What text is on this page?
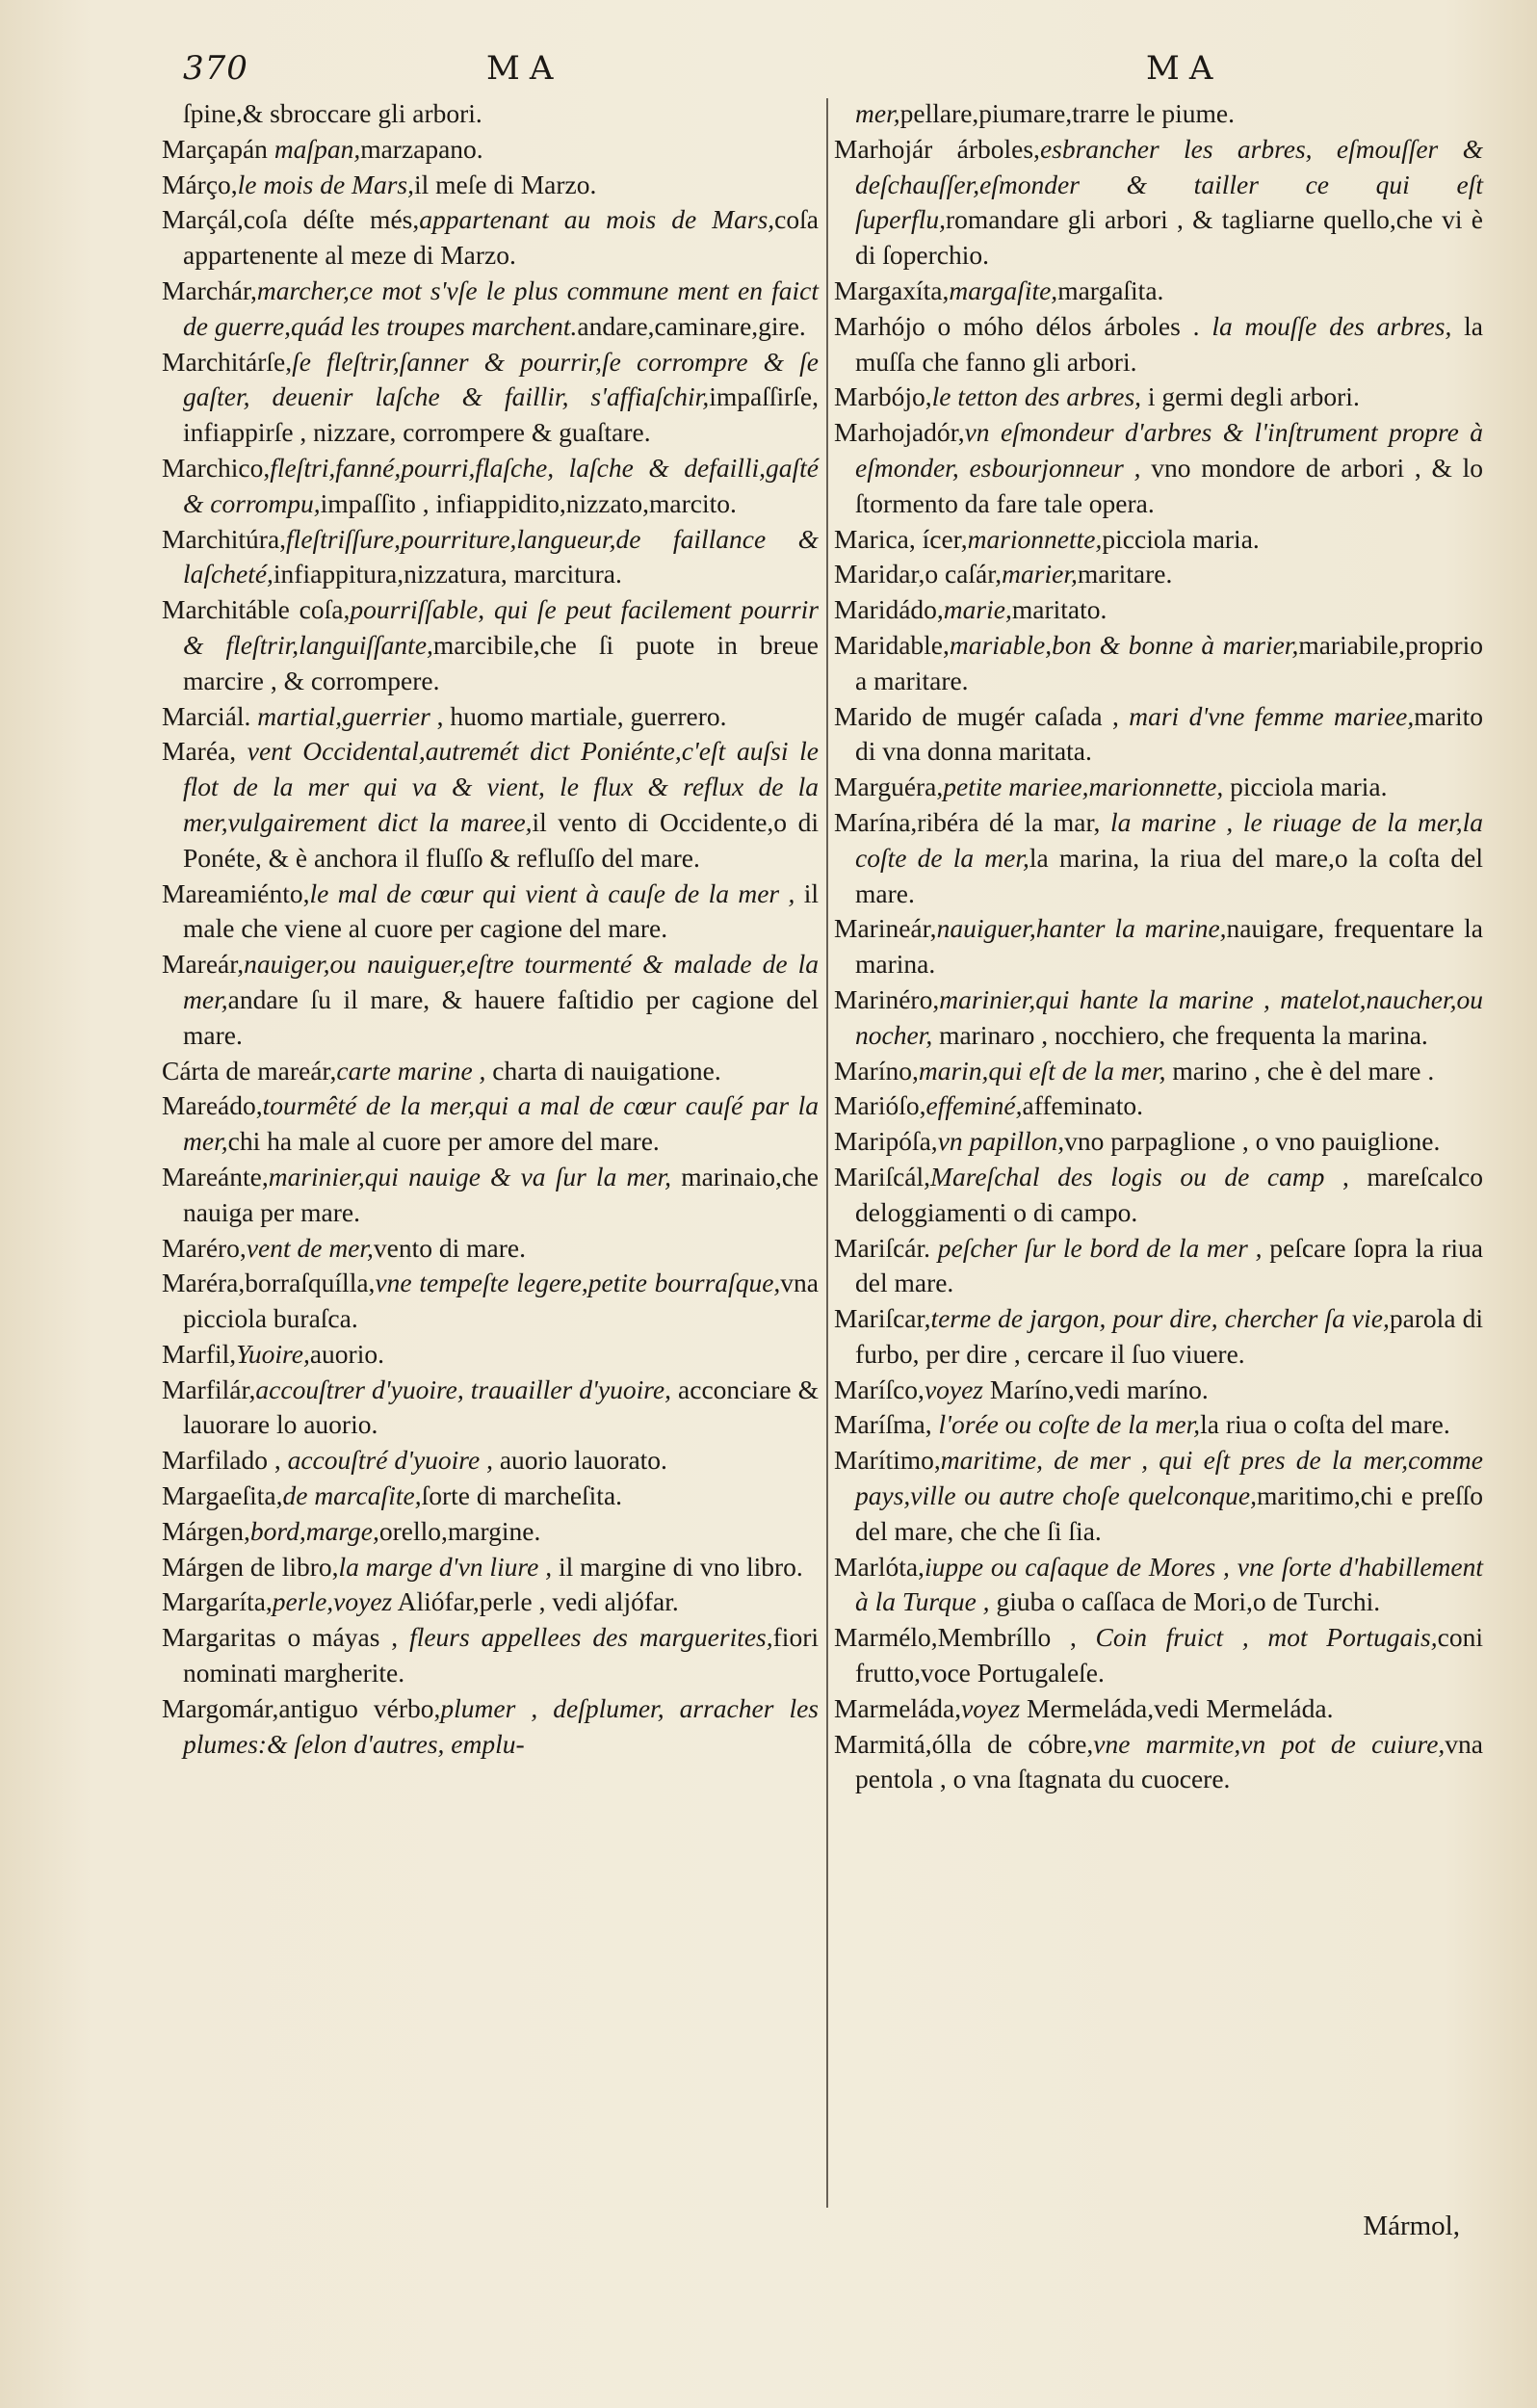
370	MA	MA

ſpine,& sbroccare gli arbori.

Marçapán maſpan,marzapano.

Márço,le mois de Mars,il meſe di Marzo.

Marçál,coſa déſte més,appartenant au mois de Mars,coſa appartenente al meze di Marzo.

Marchár,marcher,ce mot s'vſe le plus commune ment en faict de guerre,quád les troupes marchent.andare,caminare,gire.

Marchitárſe,ſe fleſtrir,ſanner & pourrir,ſe corrompre & ſe gaſter, deuenir laſche & faillir, s'affiaſchir,impaſſirſe, infiappirſe , nizzare, corrompere & guaſtare.

Marchico,fleſtri,fanné,pourri,flaſche, laſche & defailli,gaſté & corrompu,impaſſito , infiappidito,nizzato,marcito.

Marchitúra,fleſtriſſure,pourriture,langueur,de faillance & laſcheté,infiappitura,nizzatura, marcitura.

Marchitáble coſa,pourriſſable, qui ſe peut facilement pourrir & fleſtrir,languiſſante,marcibile,che ſi puote in breue marcire , & corrompere.

Marciál. martial,guerrier , huomo martiale, guerrero.

Maréa, vent Occidental,autremét dict Poniénte,c'eſt auſsi le flot de la mer qui va & vient, le flux & reflux de la mer,vulgairement dict la maree,il vento di Occidente,o di Ponéte, & è anchora il fluſſo & refluſſo del mare.

Mareamiénto,le mal de cœur qui vient à cauſe de la mer , il male che viene al cuore per cagione del mare.

Mareár,nauiger,ou nauiguer,eſtre tourmenté & malade de la mer,andare ſu il mare, & hauere faſtidio per cagione del mare.

Cárta de mareár,carte marine , charta di nauigatione.

Mareádo,tourmêté de la mer,qui a mal de cœur cauſé par la mer,chi ha male al cuore per amore del mare.

Mareánte,marinier,qui nauige & va ſur la mer, marinaio,che nauiga per mare.

Maréro,vent de mer,vento di mare.

Maréra,borraſquílla,vne tempeſte legere,petite bourraſque,vna picciola buraſca.

Marfil,Yuoire,auorio.

Marfilár,accouſtrer d'yuoire, trauailler d'yuoire, acconciare & lauorare lo auorio.

Marfilado , accouſtré d'yuoire , auorio lauorato.

Margaeſita,de marcaſite,ſorte di marcheſita.

Márgen,bord,marge,orello,margine.

Márgen de libro,la marge d'vn liure , il margine di vno libro.

Margaríta,perle,voyez Aliófar,perle , vedi aljófar.

Margaritas o máyas , fleurs appellees des marguerites,fiori nominati margherite.

Margomár,antiguo vérbo,plumer , deſplumer, arracher les plumes:& ſelon d'autres, emplu-

mer,pellare,piumare,trarre le piume.

Marhojár árboles,esbrancher les arbres, eſmouſſer & deſchauſſer,eſmonder & tailler ce qui eſt ſuperflu,romandare gli arbori , & tagliarne quello,che vi è di ſoperchio.

Margaxíta,margaſite,margaſita.

Marhójo o móho délos árboles . la mouſſe des arbres, la muſſa che fanno gli arbori.

Marbójo,le tetton des arbres, i germi degli arbori.

Marhojadór,vn eſmondeur d'arbres & l'inſtrument propre à eſmonder, esbourjonneur , vno mondore de arbori , & lo ſtormento da fare tale opera.

Marica, ícer,marionnette,picciola maria.

Maridar,o caſár,marier,maritare.

Maridádo,marie,maritato.

Maridable,mariable,bon & bonne à marier,mariabile,proprio a maritare.

Marido de mugér caſada , mari d'vne femme mariee,marito di vna donna maritata.

Marguéra,petite mariee,marionnette, picciola maria.

Marína,ribéra dé la mar, la marine , le riuage de la mer,la coſte de la mer,la marina, la riua del mare,o la coſta del mare.

Marineár,nauiguer,hanter la marine,nauigare, frequentare la marina.

Marinéro,marinier,qui hante la marine , matelot,naucher,ou nocher, marinaro , nocchiero, che frequenta la marina.

Maríno,marin,qui eſt de la mer, marino , che è del mare .

Marióſo,effeminé,affeminato.

Maripóſa,vn papillon,vno parpaglione , o vno pauiglione.

Mariſcál,Mareſchal des logis ou de camp , mareſcalco deloggiamenti o di campo.

Mariſcár. peſcher ſur le bord de la mer , peſcare ſopra la riua del mare.

Mariſcar,terme de jargon, pour dire, chercher ſa vie,parola di furbo, per dire , cercare il ſuo viuere.

Maríſco,voyez Maríno,vedi maríno.

Maríſma, l'orée ou coſte de la mer,la riua o coſta del mare.

Marítimo,maritime, de mer , qui eſt pres de la mer,comme pays,ville ou autre choſe quelconque,maritimo,chi e preſſo del mare, che che ſi ſia.

Marlóta,iuppe ou caſaque de Mores , vne ſorte d'habillement à la Turque , giuba o caſſaca de Mori,o de Turchi.

Marmélo,Membríllo , Coin fruict , mot Portugais,coni frutto,voce Portugaleſe.

Marmeláda,voyez Mermeláda,vedi Mermeláda.

Marmitá,ólla de cóbre,vne marmite,vn pot de cuiure,vna pentola , o vna ſtagnata du cuocere.

Mármol,
